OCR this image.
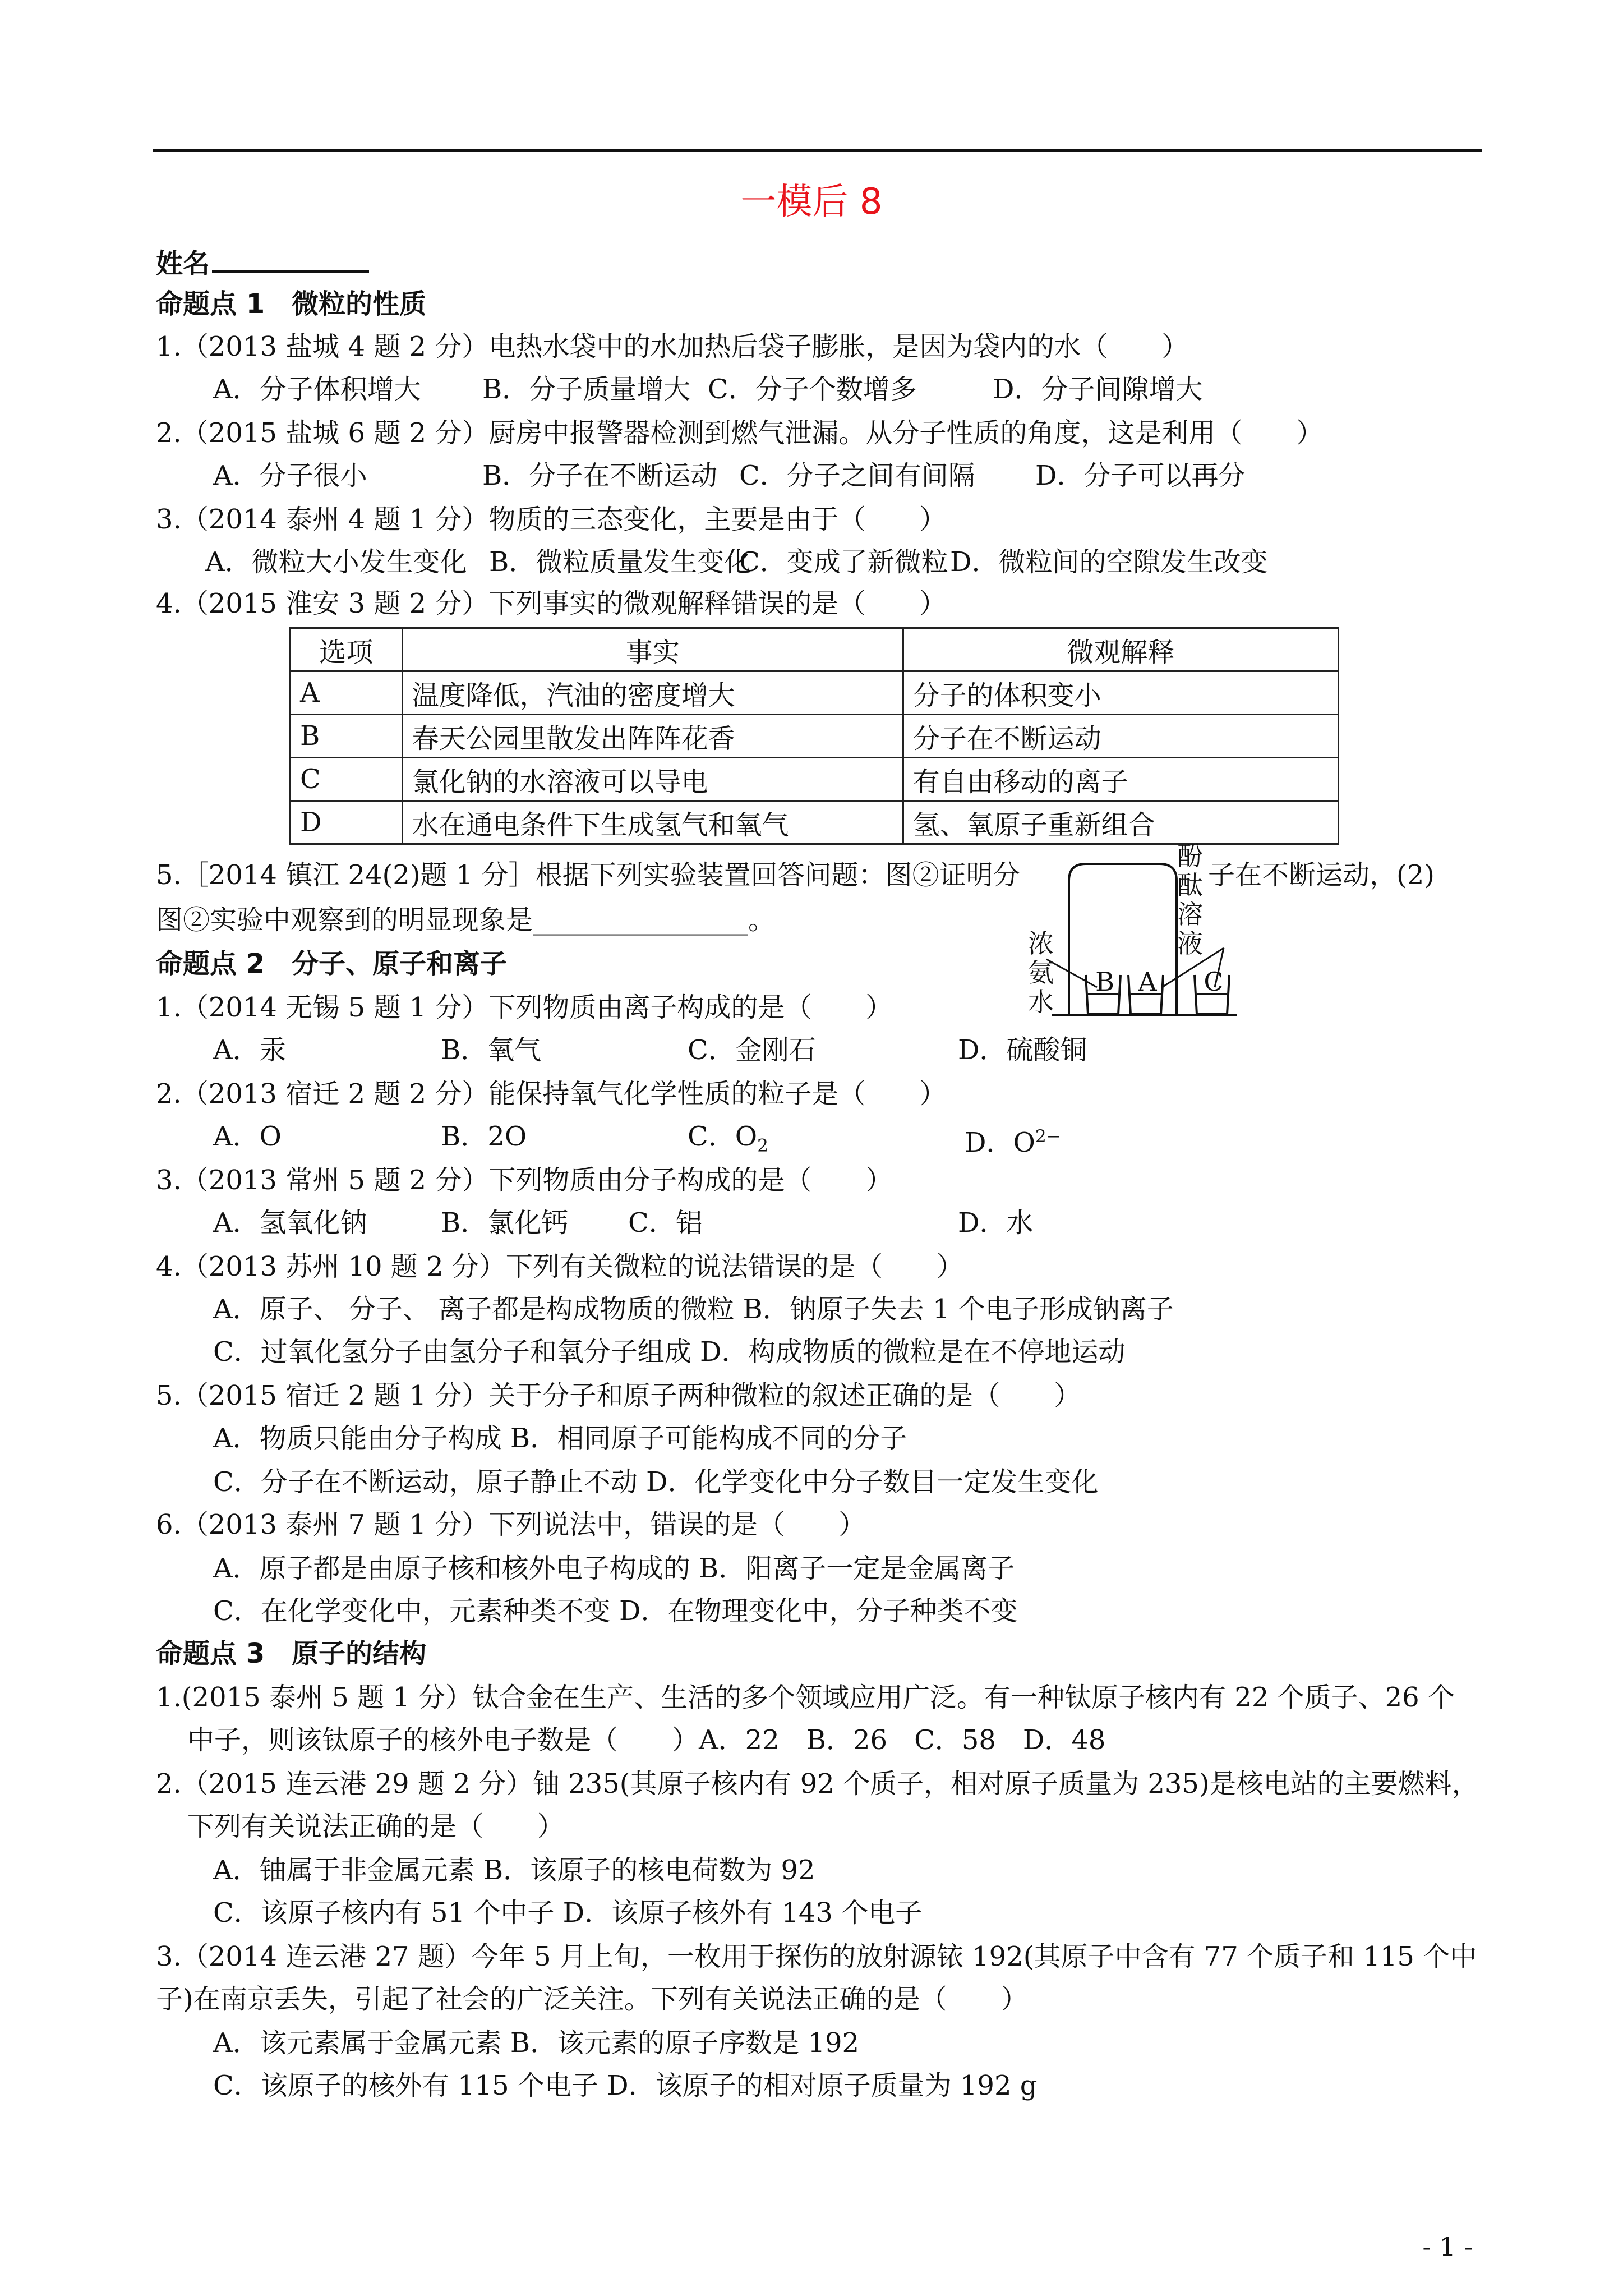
一模后 8
姓名
命题点 1　微粒的性质
1.（2013 盐城 4 题 2 分）电热水袋中的水加热后袋子膨胀，是因为袋内的水（　　）
A．分子体积增大 B．分子质量增大 C．分子个数增多	D．分子间隙增大
2.（2015 盐城 6 题 2 分）厨房中报警器检测到燃气泄漏。从分子性质的角度，这是利用（　　）
A．分子很小	B．分子在不断运动 C．分子之间有间隔 D．分子可以再分
3.（2014 泰州 4 题 1 分）物质的三态变化，主要是由于（　　）
A．微粒大小发生变化 B．微粒质量发生变化
C．变成了新微粒 D．微粒间的空隙发生改变
4.（2015 淮安 3 题 2 分）下列事实的微观解释错误的是（　　）
选项	事实	微观解释
A	温度降低，汽油的密度增大	分子的体积变小
B	春天公园里散发出阵阵花香	分子在不断运动
C	氯化钠的水溶液可以导电	有自由移动的离子
D	水在通电条件下生成氢气和氧气	氢、氧原子重新组合
5.［2014 镇江 24(2)题 1 分］根据下列实验装置回答问题：图②证明分	子在不断运动，(2)
图②实验中观察到的明显现象是________________。
B A C
浓氨水
酚酞溶液
命题点 2　分子、原子和离子
1.（2014 无锡 5 题 1 分）下列物质由离子构成的是（　　）
A．汞	B．氧气	C．金刚石	D．硫酸铜
2.（2013 宿迁 2 题 2 分）能保持氧气化学性质的粒子是（　　）
A．O	B．2O	C．$O_2$	D．$O^{2-}$
3.（2013 常州 5 题 2 分）下列物质由分子构成的是（　　）
A．氢氧化钠	B．氯化钙 C．铝	D．水
4.（2013 苏州 10 题 2 分）下列有关微粒的说法错误的是（　　）
A．原子、 分子、 离子都是构成物质的微粒 B．钠原子失去 1 个电子形成钠离子
C．过氧化氢分子由氢分子和氧分子组成 D．构成物质的微粒是在不停地运动
5.（2015 宿迁 2 题 1 分）关于分子和原子两种微粒的叙述正确的是（　　）
A．物质只能由分子构成 B．相同原子可能构成不同的分子
C．分子在不断运动，原子静止不动 D．化学变化中分子数目一定发生变化
6.（2013 泰州 7 题 1 分）下列说法中，错误的是（　　）
A．原子都是由原子核和核外电子构成的 B．阳离子一定是金属离子
C．在化学变化中，元素种类不变 D．在物理变化中，分子种类不变
命题点 3　原子的结构
1.(2015 泰州 5 题 1 分）钛合金在生产、生活的多个领域应用广泛。有一种钛原子核内有 22 个质子、26 个
中子，则该钛原子的核外电子数是（　　）A．22　B．26　C．58　D．48
2.（2015 连云港 29 题 2 分）铀 235(其原子核内有 92 个质子，相对原子质量为 235)是核电站的主要燃料，
下列有关说法正确的是（　　）
A．铀属于非金属元素 B．该原子的核电荷数为 92
C．该原子核内有 51 个中子 D．该原子核外有 143 个电子
3.（2014 连云港 27 题）今年 5 月上旬，一枚用于探伤的放射源铱 192(其原子中含有 77 个质子和 115 个中
子)在南京丢失，引起了社会的广泛关注。下列有关说法正确的是（　　）
A．该元素属于金属元素 B．该元素的原子序数是 192
C．该原子的核外有 115 个电子 D．该原子的相对原子质量为 192 g
- 1 -
